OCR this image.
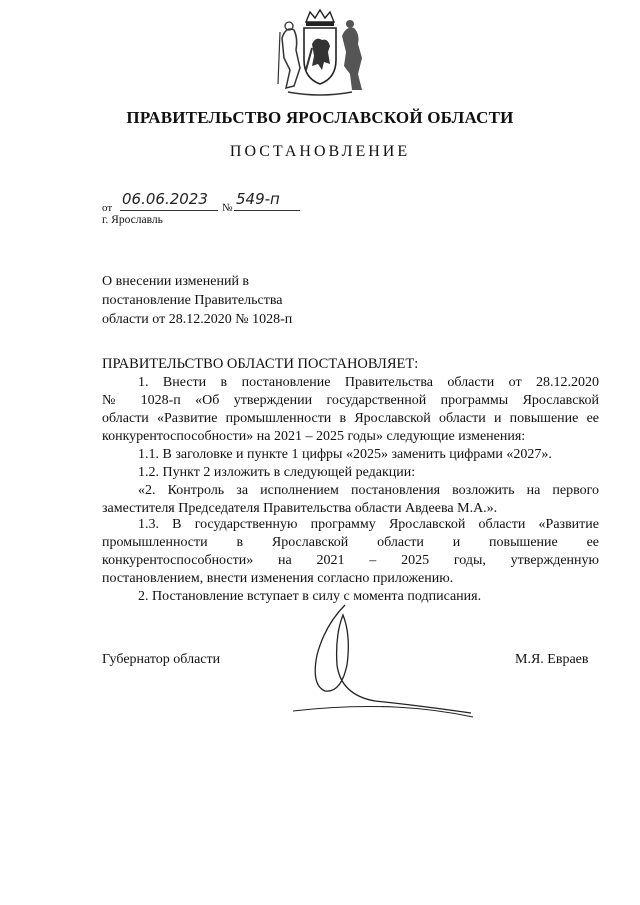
ПРАВИТЕЛЬСТВО ЯРОСЛАВСКОЙ ОБЛАСТИ
ПОСТАНОВЛЕНИЕ
от 06.06.2023 № 549-п
г. Ярославль
О внесении изменений в
постановление Правительства
области от 28.12.2020 № 1028-п
ПРАВИТЕЛЬСТВО ОБЛАСТИ ПОСТАНОВЛЯЕТ:
1. Внести в постановление Правительства области от 28.12.2020
№ 1028-п «Об утверждении государственной программы Ярославской
области «Развитие промышленности в Ярославской области и повышение ее
конкурентоспособности» на 2021 – 2025 годы» следующие изменения:
1.1. В заголовке и пункте 1 цифры «2025» заменить цифрами «2027».
1.2. Пункт 2 изложить в следующей редакции:
«2. Контроль за исполнением постановления возложить на первого
заместителя Председателя Правительства области Авдеева М.А.».
1.3. В государственную программу Ярославской области «Развитие
промышленности в Ярославской области и повышение ее
конкурентоспособности» на 2021 – 2025 годы, утвержденную
постановлением, внести изменения согласно приложению.
2. Постановление вступает в силу с момента подписания.
Губернатор области	М.Я. Евраев
